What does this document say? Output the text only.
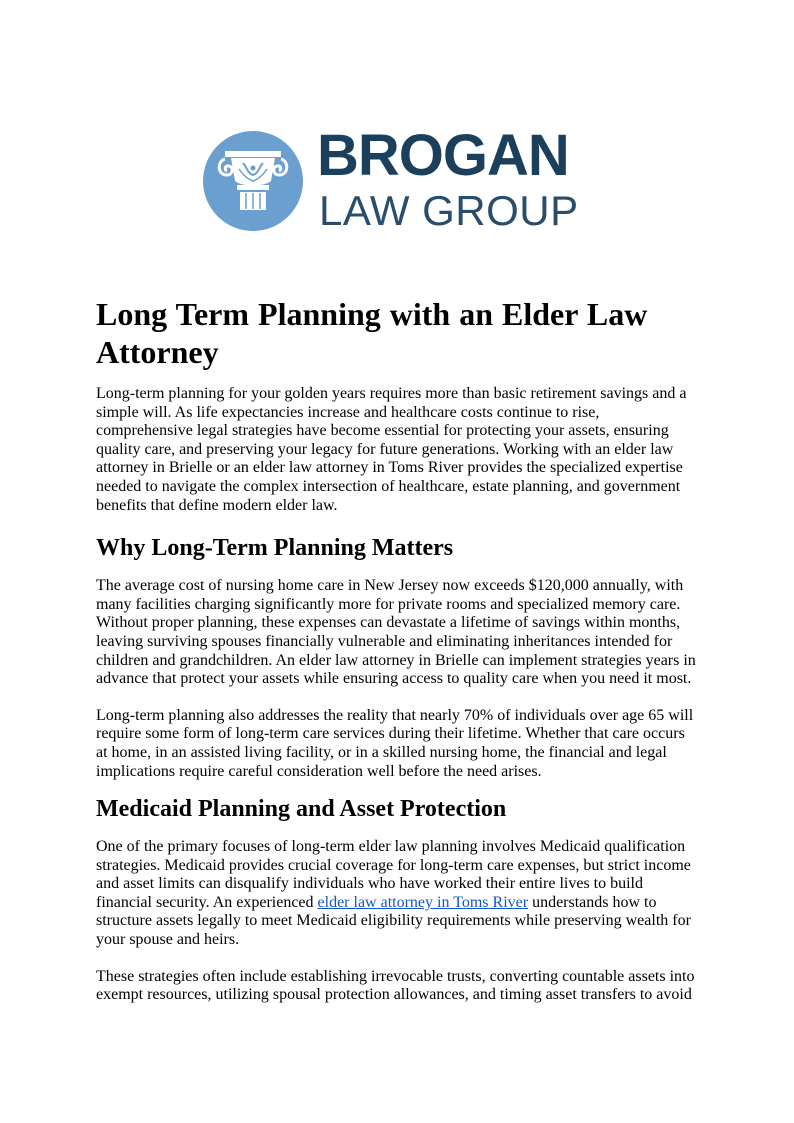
BROGAN
LAW GROUP
Long Term Planning with an Elder Law Attorney

Long-term planning for your golden years requires more than basic retirement savings and a simple will. As life expectancies increase and healthcare costs continue to rise, comprehensive legal strategies have become essential for protecting your assets, ensuring quality care, and preserving your legacy for future generations. Working with an elder law attorney in Brielle or an elder law attorney in Toms River provides the specialized expertise needed to navigate the complex intersection of healthcare, estate planning, and government benefits that define modern elder law.

Why Long-Term Planning Matters

The average cost of nursing home care in New Jersey now exceeds $120,000 annually, with many facilities charging significantly more for private rooms and specialized memory care. Without proper planning, these expenses can devastate a lifetime of savings within months, leaving surviving spouses financially vulnerable and eliminating inheritances intended for children and grandchildren. An elder law attorney in Brielle can implement strategies years in advance that protect your assets while ensuring access to quality care when you need it most.

Long-term planning also addresses the reality that nearly 70% of individuals over age 65 will require some form of long-term care services during their lifetime. Whether that care occurs at home, in an assisted living facility, or in a skilled nursing home, the financial and legal implications require careful consideration well before the need arises.

Medicaid Planning and Asset Protection

One of the primary focuses of long-term elder law planning involves Medicaid qualification strategies. Medicaid provides crucial coverage for long-term care expenses, but strict income and asset limits can disqualify individuals who have worked their entire lives to build financial security. An experienced elder law attorney in Toms River understands how to structure assets legally to meet Medicaid eligibility requirements while preserving wealth for your spouse and heirs.

These strategies often include establishing irrevocable trusts, converting countable assets into exempt resources, utilizing spousal protection allowances, and timing asset transfers to avoid
